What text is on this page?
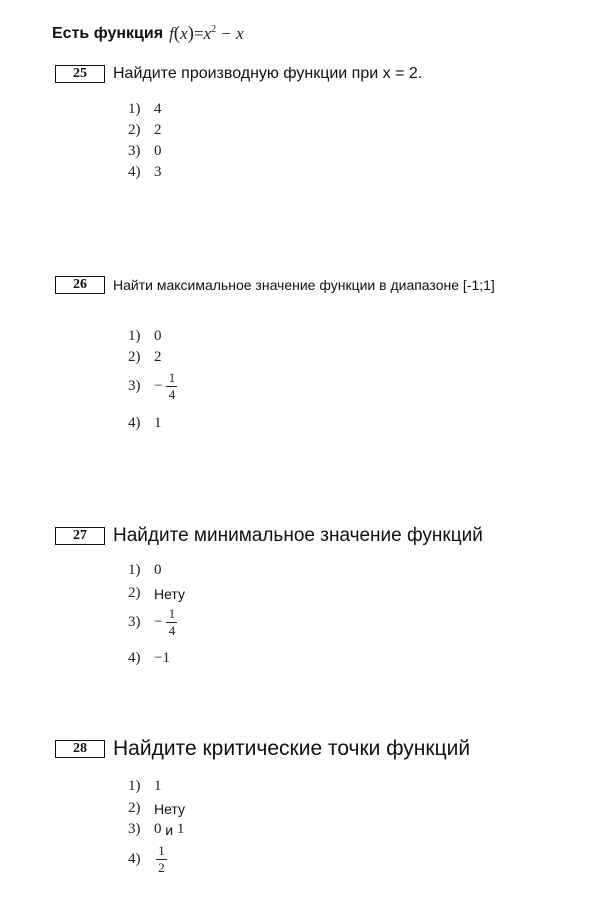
Есть функция $f(x)=x^2 - x$
25	Найдите производную функции при x = 2.
1) 4
2) 2
3) 0
4) 3
26	Найти максимальное значение функции в диапазоне [-1;1]
1) 0
2) 2
$3) - \frac{1}{4}$
4) 1
27	Найдите минимальное значение функций
1) 0
2) Нету
$3) - \frac{1}{4}$
4) −1
28	Найдите критические точки функций
1) 1
2) Нету
3) 0
и
1
4)	$\frac{1}{2}$
